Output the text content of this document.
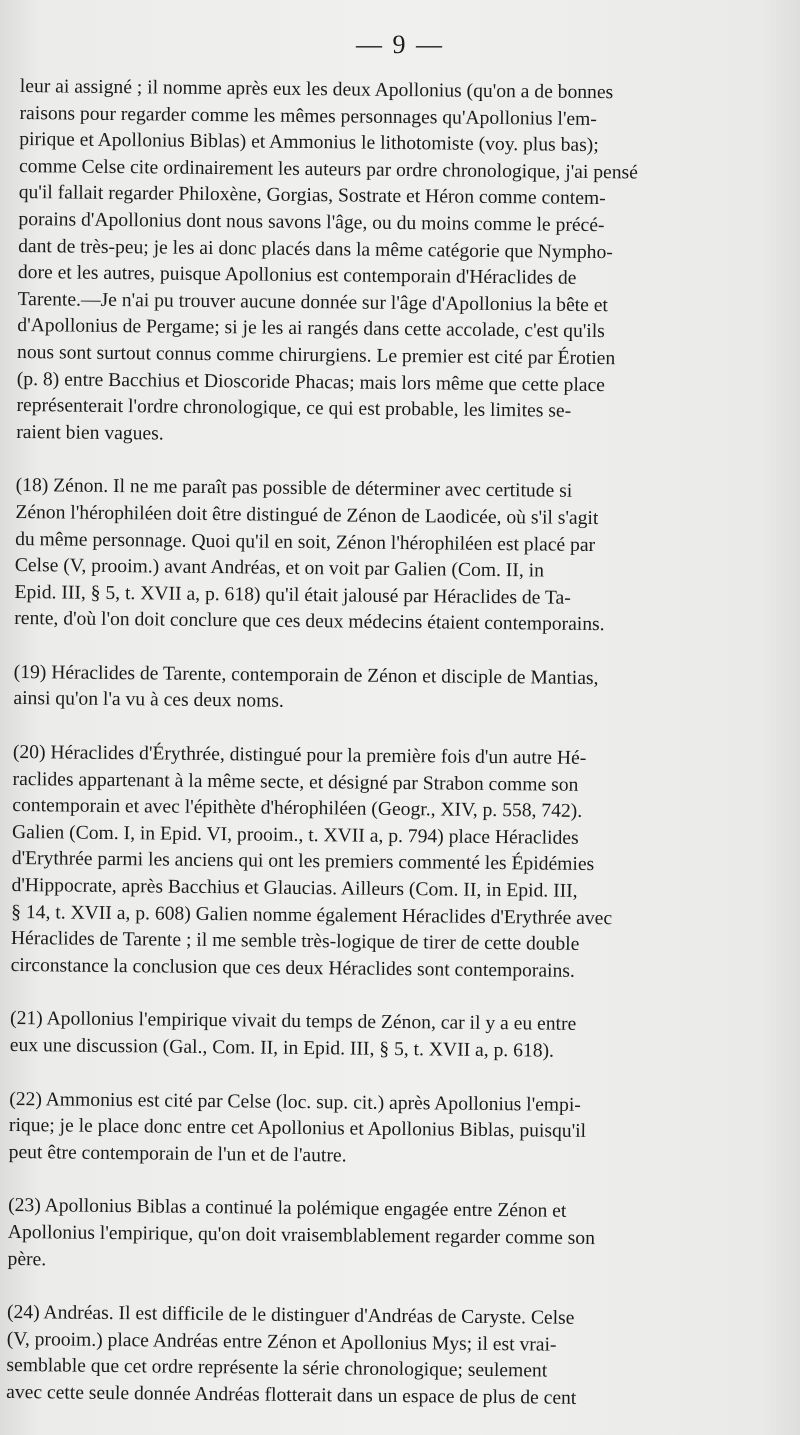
— 9 —
leur ai assigné ; il nomme après eux les deux Apollonius (qu'on a de bonnes
raisons pour regarder comme les mêmes personnages qu'Apollonius l'em-
pirique et Apollonius Biblas) et Ammonius le lithotomiste (voy. plus bas);
comme Celse cite ordinairement les auteurs par ordre chronologique, j'ai pensé
qu'il fallait regarder Philoxène, Gorgias, Sostrate et Héron comme contem-
porains d'Apollonius dont nous savons l'âge, ou du moins comme le précé-
dant de très-peu; je les ai donc placés dans la même catégorie que Nympho-
dore et les autres, puisque Apollonius est contemporain d'Héraclides de
Tarente.—Je n'ai pu trouver aucune donnée sur l'âge d'Apollonius la bête et
d'Apollonius de Pergame; si je les ai rangés dans cette accolade, c'est qu'ils
nous sont surtout connus comme chirurgiens. Le premier est cité par Érotien
(p. 8) entre Bacchius et Dioscoride Phacas; mais lors même que cette place
représenterait l'ordre chronologique, ce qui est probable, les limites se-
raient bien vagues.
(18) Zénon. Il ne me paraît pas possible de déterminer avec certitude si
Zénon l'hérophiléen doit être distingué de Zénon de Laodicée, où s'il s'agit
du même personnage. Quoi qu'il en soit, Zénon l'hérophiléen est placé par
Celse (V, prooim.) avant Andréas, et on voit par Galien (Com. II, in
Epid. III, § 5, t. XVII a, p. 618) qu'il était jalousé par Héraclides de Ta-
rente, d'où l'on doit conclure que ces deux médecins étaient contemporains.
(19) Héraclides de Tarente, contemporain de Zénon et disciple de Mantias,
ainsi qu'on l'a vu à ces deux noms.
(20) Héraclides d'Érythrée, distingué pour la première fois d'un autre Hé-
raclides appartenant à la même secte, et désigné par Strabon comme son
contemporain et avec l'épithète d'hérophiléen (Geogr., XIV, p. 558, 742).
Galien (Com. I, in Epid. VI, prooim., t. XVII a, p. 794) place Héraclides
d'Erythrée parmi les anciens qui ont les premiers commenté les Épidémies
d'Hippocrate, après Bacchius et Glaucias. Ailleurs (Com. II, in Epid. III,
§ 14, t. XVII a, p. 608) Galien nomme également Héraclides d'Erythrée avec
Héraclides de Tarente ; il me semble très-logique de tirer de cette double
circonstance la conclusion que ces deux Héraclides sont contemporains.
(21) Apollonius l'empirique vivait du temps de Zénon, car il y a eu entre
eux une discussion (Gal., Com. II, in Epid. III, § 5, t. XVII a, p. 618).
(22) Ammonius est cité par Celse (loc. sup. cit.) après Apollonius l'empi-
rique; je le place donc entre cet Apollonius et Apollonius Biblas, puisqu'il
peut être contemporain de l'un et de l'autre.
(23) Apollonius Biblas a continué la polémique engagée entre Zénon et
Apollonius l'empirique, qu'on doit vraisemblablement regarder comme son
père.
(24) Andréas. Il est difficile de le distinguer d'Andréas de Caryste. Celse
(V, prooim.) place Andréas entre Zénon et Apollonius Mys; il est vrai-
semblable que cet ordre représente la série chronologique; seulement
avec cette seule donnée Andréas flotterait dans un espace de plus de cent
